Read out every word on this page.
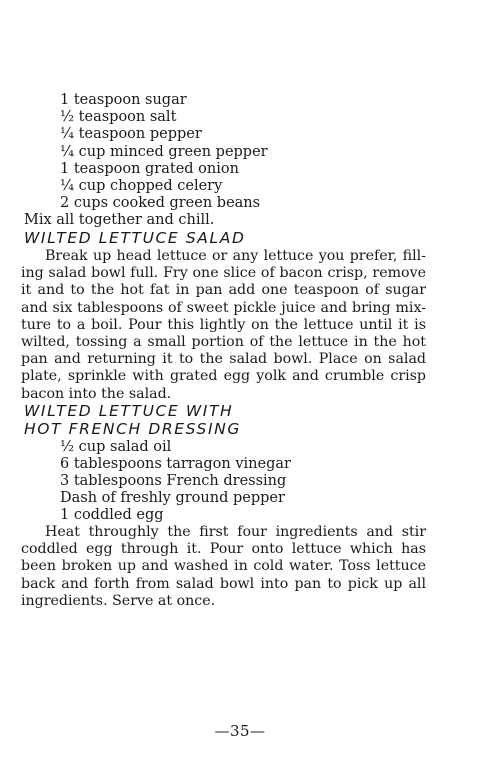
1 teaspoon sugar
½ teaspoon salt
¼ teaspoon pepper
¼ cup minced green pepper
1 teaspoon grated onion
¼ cup chopped celery
2 cups cooked green beans
Mix all together and chill.
WILTED LETTUCE SALAD
Break up head lettuce or any lettuce you prefer, fill-
ing salad bowl full. Fry one slice of bacon crisp, remove
it and to the hot fat in pan add one teaspoon of sugar
and six tablespoons of sweet pickle juice and bring mix-
ture to a boil. Pour this lightly on the lettuce until it is
wilted, tossing a small portion of the lettuce in the hot
pan and returning it to the salad bowl. Place on salad
plate, sprinkle with grated egg yolk and crumble crisp
bacon into the salad.
WILTED LETTUCE WITH
HOT FRENCH DRESSING
½ cup salad oil
6 tablespoons tarragon vinegar
3 tablespoons French dressing
Dash of freshly ground pepper
1 coddled egg
Heat throughly the first four ingredients and stir
coddled egg through it. Pour onto lettuce which has
been broken up and washed in cold water. Toss lettuce
back and forth from salad bowl into pan to pick up all
ingredients. Serve at once.
—35—
